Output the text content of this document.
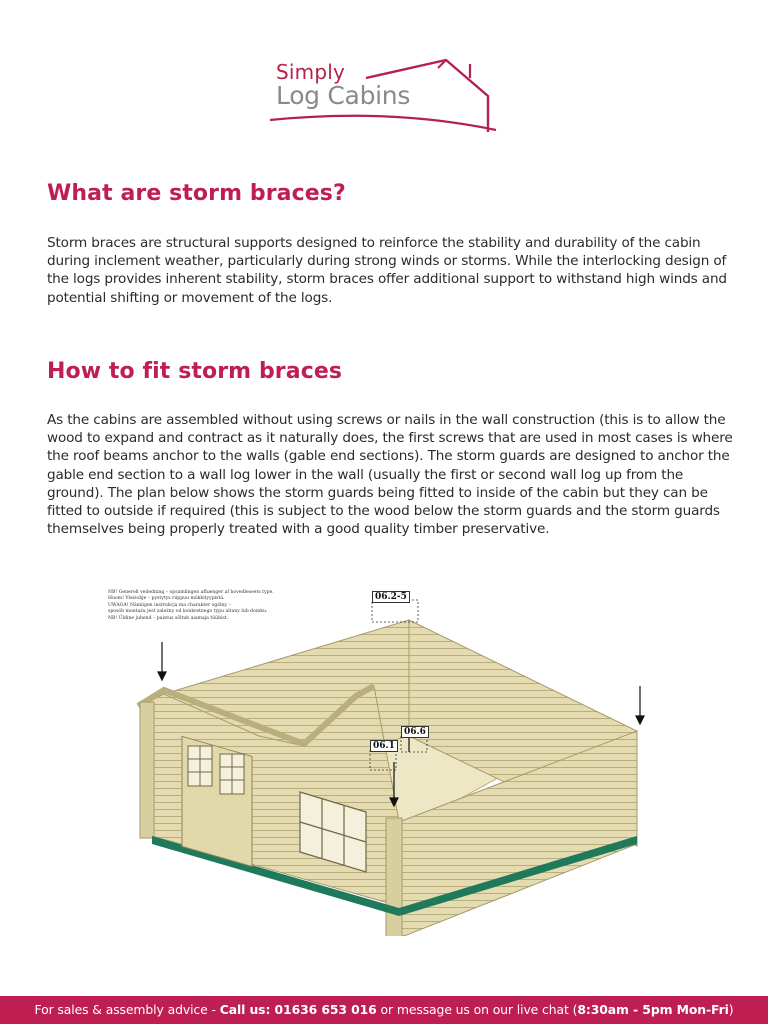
Simply
Log Cabins
What are storm braces?

Storm braces are structural supports designed to reinforce the stability and durability of the cabin during inclement weather, particularly during strong winds or storms. While the interlocking design of the logs provides inherent stability, storm braces offer additional support to withstand high winds and potential shifting or movement of the logs.

How to fit storm braces

As the cabins are assembled without using screws or nails in the wall construction (this is to allow the wood to expand and contract as it naturally does, the first screws that are used in most cases is where the roof beams anchor to the walls (gable end sections). The storm guards are designed to anchor the gable end section to a wall log lower in the wall (usually the first or second wall log up from the ground). The plan below shows the storm guards being fitted to inside of the cabin but they can be fitted to outside if required (this is subject to the wood below the storm guards and the storm guards themselves being properly treated with a good quality timber preservative.

NB! Generell veiledning – opsamlingen afhænger af hovedleseets type.
Huom! Yleisohje – pystytys riippuu mökkityypistä.
UWAGA! Nämligen instrukcja ma charakter ogólny –
sposób montażu jest zależny od konkretnego typu altany lub domku.
NB! Üldine juhend – paistus sõltub aiamaja tüübist.
06.2-5
06.6
06.1
For sales & assembly advice - Call us: 01636 653 016 or message us on our live chat (8:30am - 5pm Mon-Fri)
